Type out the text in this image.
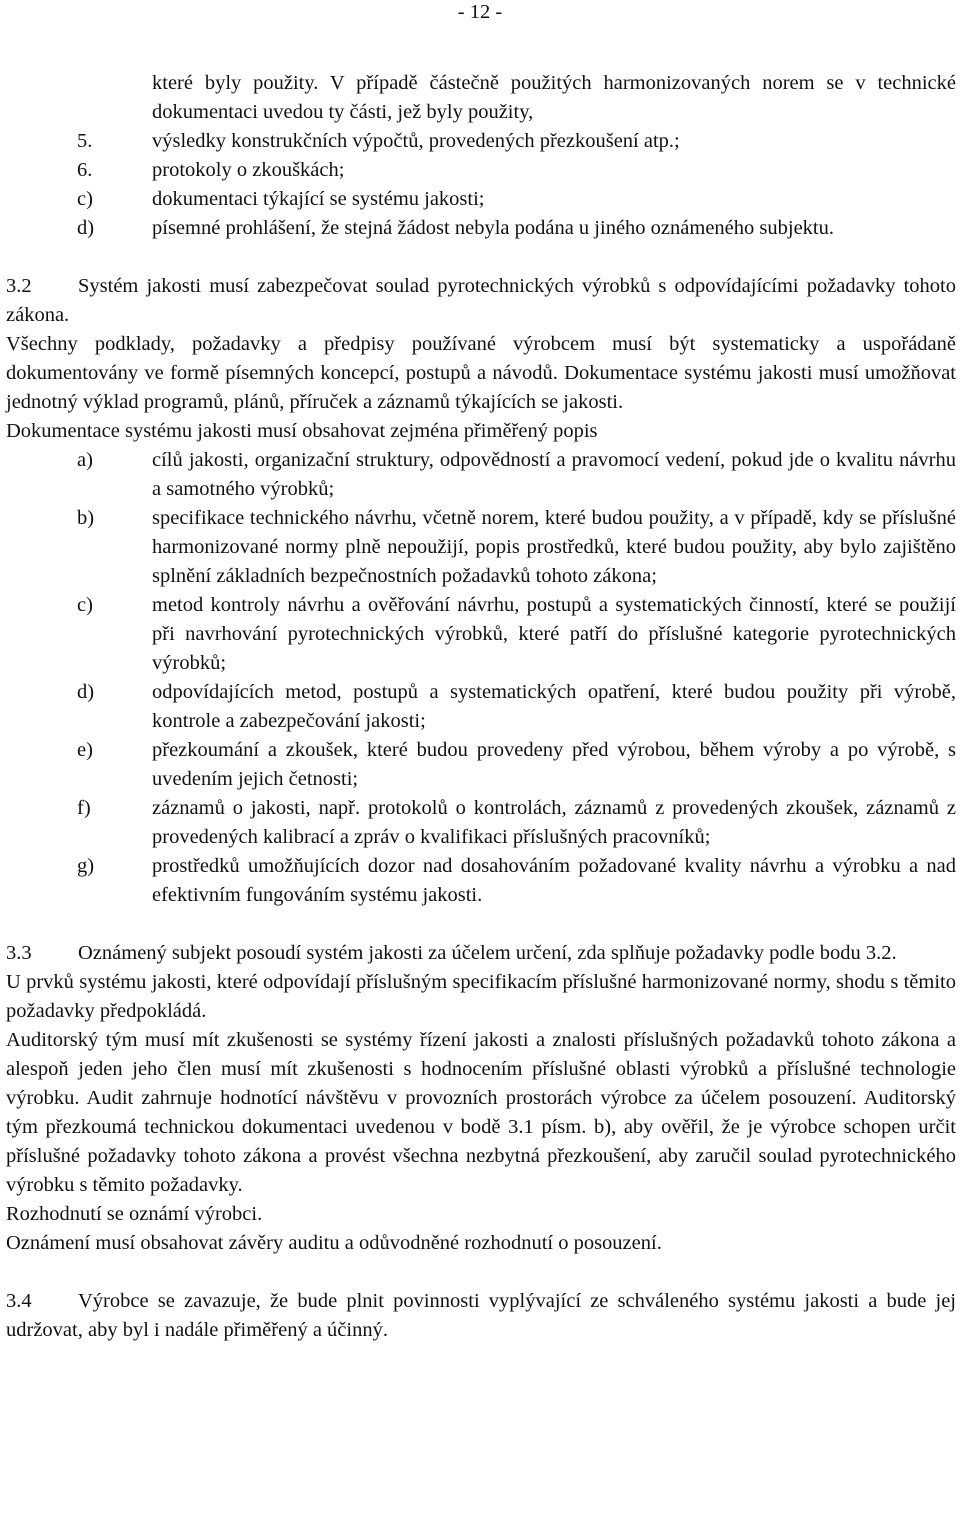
- 12 -
které byly použity. V případě částečně použitých harmonizovaných norem se v technické dokumentaci uvedou ty části, jež byly použity,
5.	výsledky konstrukčních výpočtů, provedených přezkoušení atp.;
6.	protokoly o zkouškách;
c)	dokumentaci týkající se systému jakosti;
d)	písemné prohlášení, že stejná žádost nebyla podána u jiného oznámeného subjektu.
3.2 Systém jakosti musí zabezpečovat soulad pyrotechnických výrobků s odpovídajícími požadavky tohoto zákona.
Všechny podklady, požadavky a předpisy používané výrobcem musí být systematicky a uspořádaně dokumentovány ve formě písemných koncepcí, postupů a návodů. Dokumentace systému jakosti musí umožňovat jednotný výklad programů, plánů, příruček a záznamů týkajících se jakosti.
Dokumentace systému jakosti musí obsahovat zejména přiměřený popis
a)	cílů jakosti, organizační struktury, odpovědností a pravomocí vedení, pokud jde o kvalitu návrhu a samotného výrobků;
b)	specifikace technického návrhu, včetně norem, které budou použity, a v případě, kdy se příslušné harmonizované normy plně nepoužijí, popis prostředků, které budou použity, aby bylo zajištěno splnění základních bezpečnostních požadavků tohoto zákona;
c)	metod kontroly návrhu a ověřování návrhu, postupů a systematických činností, které se použijí při navrhování pyrotechnických výrobků, které patří do příslušné kategorie pyrotechnických výrobků;
d)	odpovídajících metod, postupů a systematických opatření, které budou použity při výrobě, kontrole a zabezpečování jakosti;
e)	přezkoumání a zkoušek, které budou provedeny před výrobou, během výroby a po výrobě, s uvedením jejich četnosti;
f)	záznamů o jakosti, např. protokolů o kontrolách, záznamů z provedených zkoušek, záznamů z provedených kalibrací a zpráv o kvalifikaci příslušných pracovníků;
g)	prostředků umožňujících dozor nad dosahováním požadované kvality návrhu a výrobku a nad efektivním fungováním systému jakosti.
3.3 Oznámený subjekt posoudí systém jakosti za účelem určení, zda splňuje požadavky podle bodu 3.2.
U prvků systému jakosti, které odpovídají příslušným specifikacím příslušné harmonizované normy, shodu s těmito požadavky předpokládá.
Auditorský tým musí mít zkušenosti se systémy řízení jakosti a znalosti příslušných požadavků tohoto zákona a alespoň jeden jeho člen musí mít zkušenosti s hodnocením příslušné oblasti výrobků a příslušné technologie výrobku. Audit zahrnuje hodnotící návštěvu v provozních prostorách výrobce za účelem posouzení. Auditorský tým přezkoumá technickou dokumentaci uvedenou v bodě 3.1 písm. b), aby ověřil, že je výrobce schopen určit příslušné požadavky tohoto zákona a provést všechna nezbytná přezkoušení, aby zaručil soulad pyrotechnického výrobku s těmito požadavky.
Rozhodnutí se oznámí výrobci.
Oznámení musí obsahovat závěry auditu a odůvodněné rozhodnutí o posouzení.
3.4 Výrobce se zavazuje, že bude plnit povinnosti vyplývající ze schváleného systému jakosti a bude jej udržovat, aby byl i nadále přiměřený a účinný.
